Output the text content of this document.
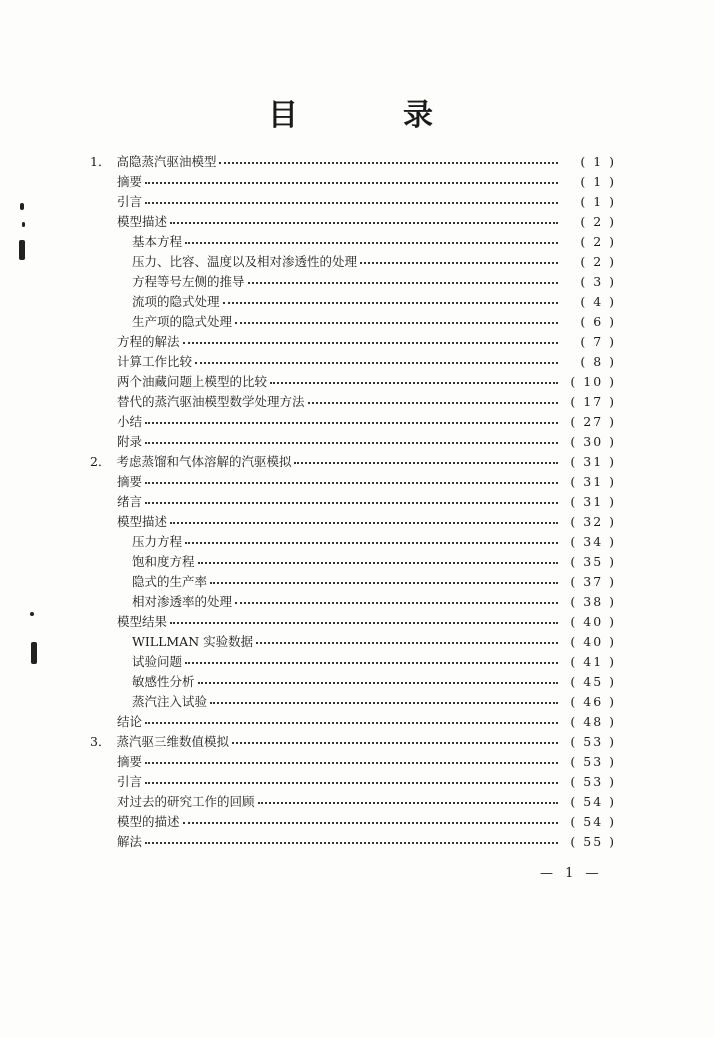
目	录
1． 高隐蒸汽驱油模型	( 1 )
摘要	( 1 )
引言	( 1 )
模型描述	( 2 )
基本方程	( 2 )
压力、比容、温度以及相对渗透性的处理	( 2 )
方程等号左侧的推导	( 3 )
流项的隐式处理	( 4 )
生产项的隐式处理	( 6 )
方程的解法	( 7 )
计算工作比较	( 8 )
两个油藏问题上模型的比较	( 10 )
替代的蒸汽驱油模型数学处理方法	( 17 )
小结	( 27 )
附录	( 30 )
2． 考虑蒸馏和气体溶解的汽驱模拟	( 31 )
摘要	( 31 )
绪言	( 31 )
模型描述	( 32 )
压力方程	( 34 )
饱和度方程	( 35 )
隐式的生产率	( 37 )
相对渗透率的处理	( 38 )
模型结果	( 40 )
WILLMAN 实验数据	( 40 )
试验问题	( 41 )
敏感性分析	( 45 )
蒸汽注入试验	( 46 )
结论	( 48 )
3． 蒸汽驱三维数值模拟	( 53 )
摘要	( 53 )
引言	( 53 )
对过去的研究工作的回顾	( 54 )
模型的描述	( 54 )
解法	( 55 )
— 1 —
